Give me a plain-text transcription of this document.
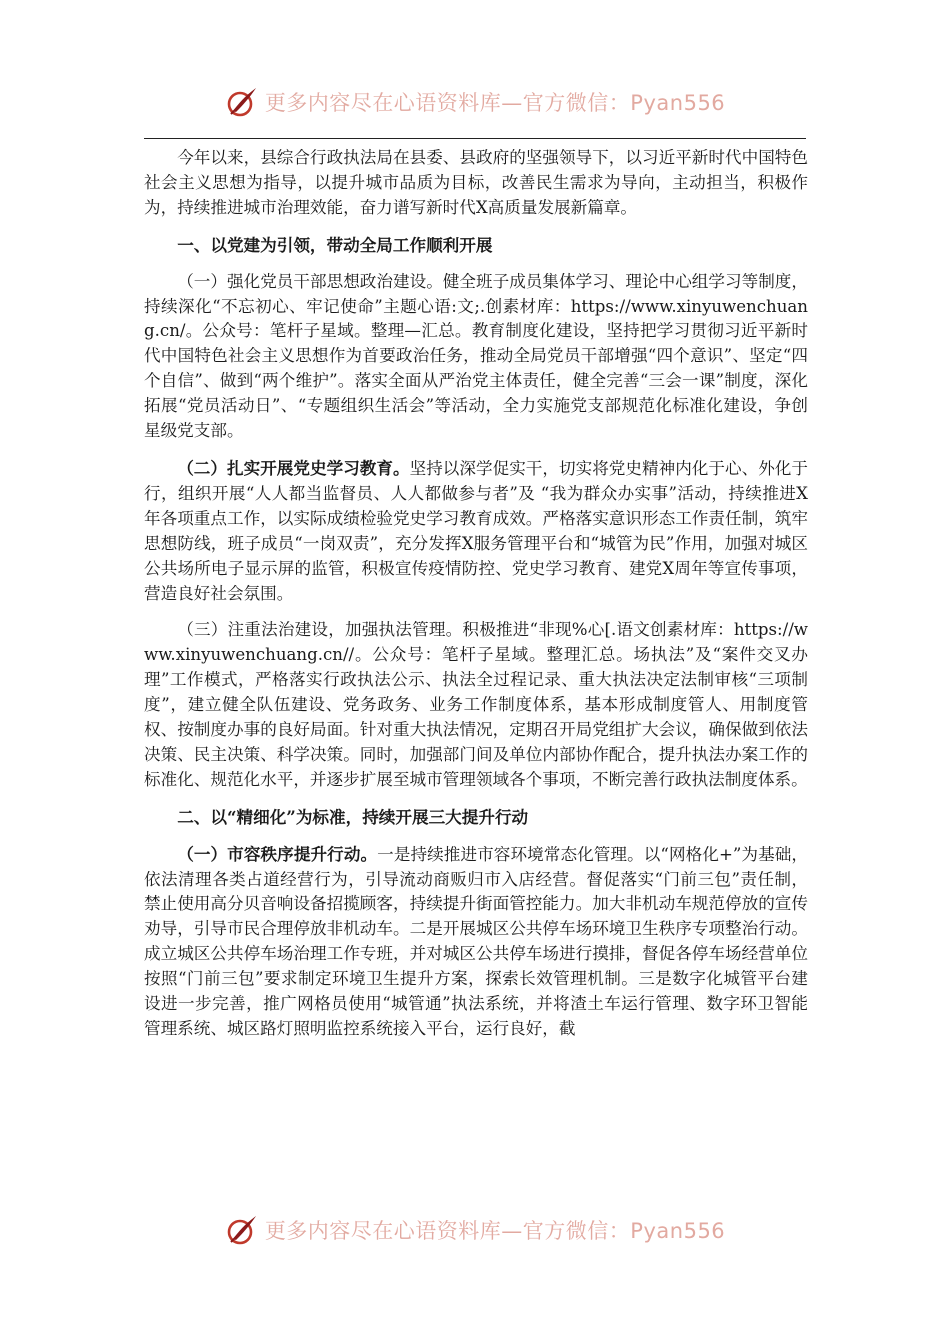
更多内容尽在心语资料库—官方微信：Pyan556

今年以来，县综合行政执法局在县委、县政府的坚强领导下，以习近平新时代中国特色社会主义思想为指导，以提升城市品质为目标，改善民生需求为导向，主动担当，积极作为，持续推进城市治理效能，奋力谱写新时代X高质量发展新篇章。

一、以党建为引领，带动全局工作顺利开展

（一）强化党员干部思想政治建设。健全班子成员集体学习、理论中心组学习等制度，持续深化“不忘初心、牢记使命”主题心语:文;.创素材库：https://www.xinyuwenchuang.cn/。公众号：笔杆子星域。整理—汇总。教育制度化建设，坚持把学习贯彻习近平新时代中国特色社会主义思想作为首要政治任务，推动全局党员干部增强“四个意识”、坚定“四个自信”、做到“两个维护”。落实全面从严治党主体责任，健全完善“三会一课”制度，深化拓展“党员活动日”、“专题组织生活会”等活动，全力实施党支部规范化标准化建设，争创星级党支部。

（二）扎实开展党史学习教育。坚持以深学促实干，切实将党史精神内化于心、外化于行，组织开展“人人都当监督员、人人都做参与者”及 “我为群众办实事”活动，持续推进X年各项重点工作，以实际成绩检验党史学习教育成效。严格落实意识形态工作责任制，筑牢思想防线，班子成员“一岗双责”，充分发挥X服务管理平台和“城管为民”作用，加强对城区公共场所电子显示屏的监管，积极宣传疫情防控、党史学习教育、建党X周年等宣传事项，营造良好社会氛围。

（三）注重法治建设，加强执法管理。积极推进“非现%心[.语文创素材库：https://www.xinyuwenchuang.cn//。公众号：笔杆子星域。整理汇总。场执法”及“案件交叉办理”工作模式，严格落实行政执法公示、执法全过程记录、重大执法决定法制审核“三项制度”，建立健全队伍建设、党务政务、业务工作制度体系，基本形成制度管人、用制度管权、按制度办事的良好局面。针对重大执法情况，定期召开局党组扩大会议，确保做到依法决策、民主决策、科学决策。同时，加强部门间及单位内部协作配合，提升执法办案工作的标准化、规范化水平，并逐步扩展至城市管理领域各个事项，不断完善行政执法制度体系。

二、以“精细化”为标准，持续开展三大提升行动

（一）市容秩序提升行动。一是持续推进市容环境常态化管理。以“网格化+”为基础，依法清理各类占道经营行为，引导流动商贩归市入店经营。督促落实“门前三包”责任制，禁止使用高分贝音响设备招揽顾客，持续提升街面管控能力。加大非机动车规范停放的宣传劝导，引导市民合理停放非机动车。二是开展城区公共停车场环境卫生秩序专项整治行动。成立城区公共停车场治理工作专班，并对城区公共停车场进行摸排，督促各停车场经营单位按照“门前三包”要求制定环境卫生提升方案，探索长效管理机制。三是数字化城管平台建设进一步完善，推广网格员使用“城管通”执法系统，并将渣土车运行管理、数字环卫智能管理系统、城区路灯照明监控系统接入平台，运行良好，截

更多内容尽在心语资料库—官方微信：Pyan556
